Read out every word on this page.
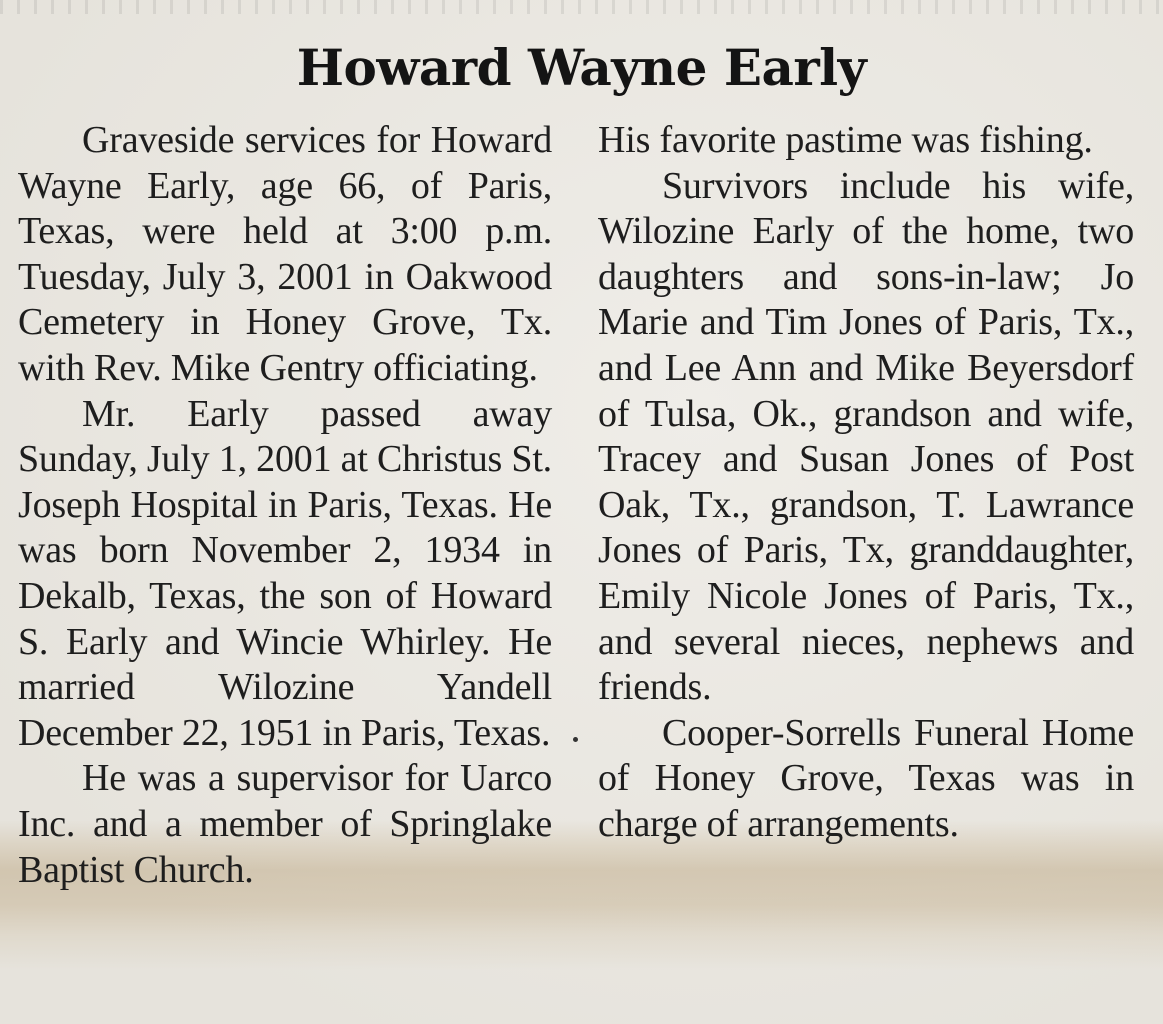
Howard Wayne Early

Graveside services for Howard Wayne Early, age 66, of Paris, Texas, were held at 3:00 p.m. Tuesday, July 3, 2001 in Oakwood Cemetery in Honey Grove, Tx. with Rev. Mike Gentry officiating.

Mr. Early passed away Sunday, July 1, 2001 at Christus St. Joseph Hospital in Paris, Texas. He was born November 2, 1934 in Dekalb, Texas, the son of Howard S. Early and Wincie Whirley. He married Wilozine Yandell December 22, 1951 in Paris, Texas.

He was a supervisor for Uarco Inc. and a member of Springlake Baptist Church.

His favorite pastime was fishing.

Survivors include his wife, Wilozine Early of the home, two daughters and sons-in-law; Jo Marie and Tim Jones of Paris, Tx., and Lee Ann and Mike Beyersdorf of Tulsa, Ok., grandson and wife, Tracey and Susan Jones of Post Oak, Tx., grandson, T. Lawrance Jones of Paris, Tx, granddaughter, Emily Nicole Jones of Paris, Tx., and several nieces, nephews and friends.

Cooper-Sorrells Funeral Home of Honey Grove, Texas was in charge of arrangements.
